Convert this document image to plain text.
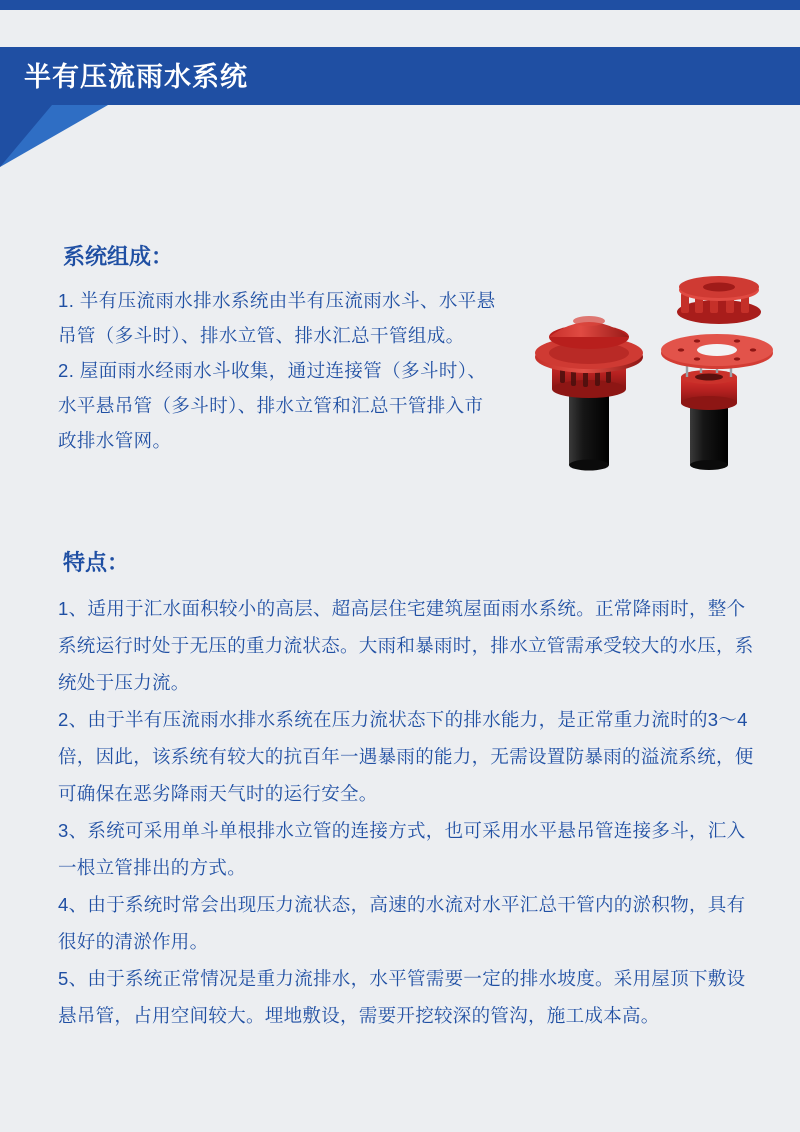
半有压流雨水系统
系统组成：

1. 半有压流雨水排水系统由半有压流雨水斗、水平悬吊管（多斗时）、排水立管、排水汇总干管组成。

2. 屋面雨水经雨水斗收集，通过连接管（多斗时）、水平悬吊管（多斗时）、排水立管和汇总干管排入市政排水管网。

特点：

1、适用于汇水面积较小的高层、超高层住宅建筑屋面雨水系统。正常降雨时，整个系统运行时处于无压的重力流状态。大雨和暴雨时，排水立管需承受较大的水压，系统处于压力流。

2、由于半有压流雨水排水系统在压力流状态下的排水能力，是正常重力流时的3～4倍，因此，该系统有较大的抗百年一遇暴雨的能力，无需设置防暴雨的溢流系统，便可确保在恶劣降雨天气时的运行安全。

3、系统可采用单斗单根排水立管的连接方式，也可采用水平悬吊管连接多斗，汇入一根立管排出的方式。

4、由于系统时常会出现压力流状态，高速的水流对水平汇总干管内的淤积物，具有很好的清淤作用。

5、由于系统正常情况是重力流排水，水平管需要一定的排水坡度。采用屋顶下敷设悬吊管，占用空间较大。埋地敷设，需要开挖较深的管沟，施工成本高。
